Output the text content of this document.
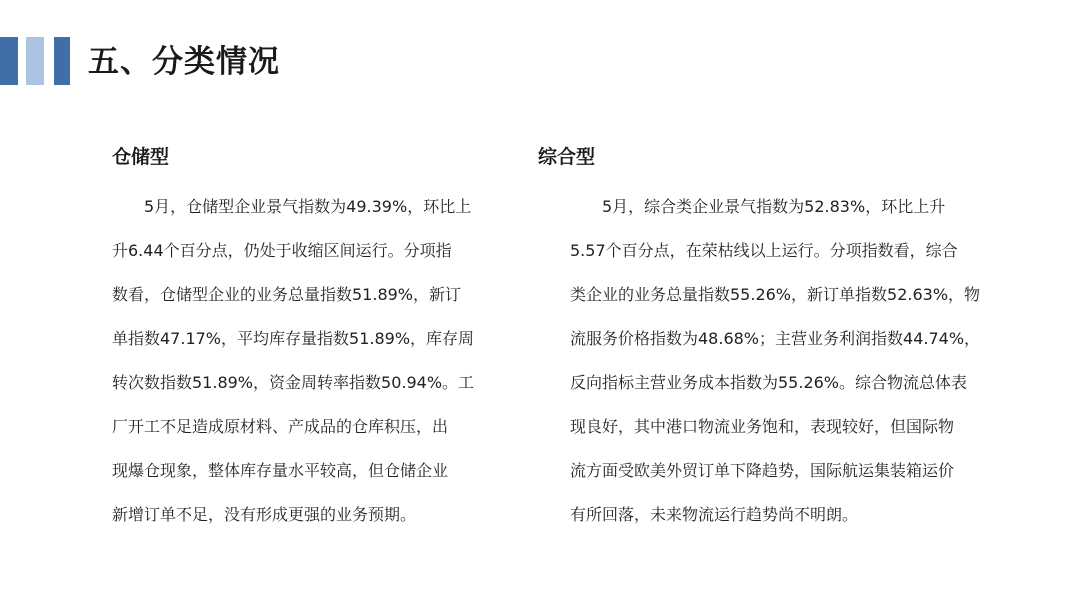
五、分类情况
仓储型

　　5月，仓储型企业景气指数为49.39%，环比上
升6.44个百分点，仍处于收缩区间运行。分项指
数看，仓储型企业的业务总量指数51.89%，新订
单指数47.17%，平均库存量指数51.89%，库存周
转次数指数51.89%，资金周转率指数50.94%。工
厂开工不足造成原材料、产成品的仓库积压，出
现爆仓现象，整体库存量水平较高，但仓储企业
新增订单不足，没有形成更强的业务预期。

综合型

　　5月，综合类企业景气指数为52.83%，环比上升
5.57个百分点，在荣枯线以上运行。分项指数看，综合
类企业的业务总量指数55.26%，新订单指数52.63%，物
流服务价格指数为48.68%；主营业务利润指数44.74%，
反向指标主营业务成本指数为55.26%。综合物流总体表
现良好，其中港口物流业务饱和，表现较好，但国际物
流方面受欧美外贸订单下降趋势，国际航运集装箱运价
有所回落，未来物流运行趋势尚不明朗。
